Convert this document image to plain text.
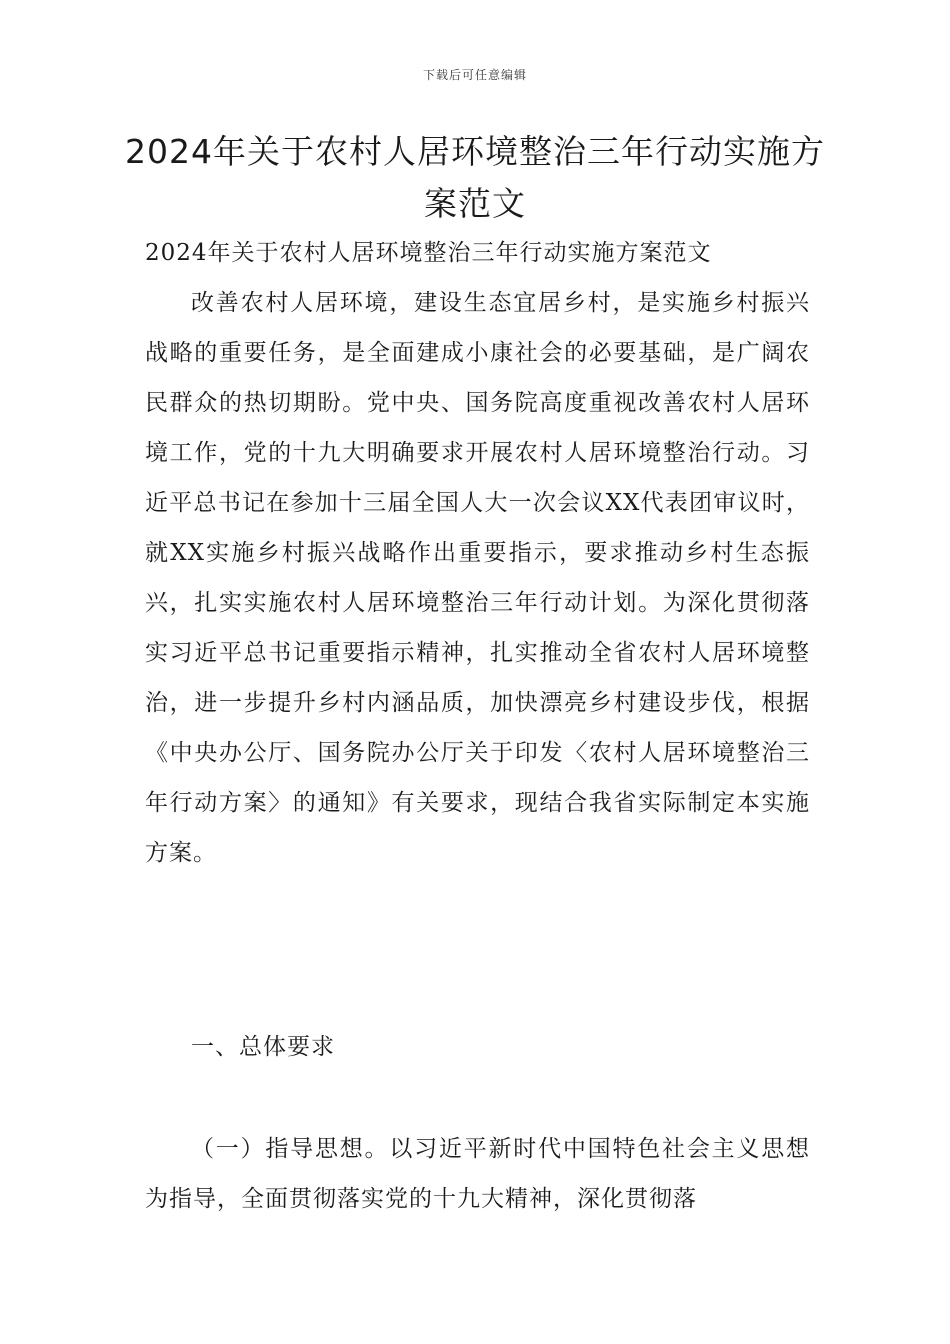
下载后可任意编辑
2024年关于农村人居环境整治三年行动实施方案范文

2024年关于农村人居环境整治三年行动实施方案范文

改善农村人居环境，建设生态宜居乡村，是实施乡村振兴战略的重要任务，是全面建成小康社会的必要基础，是广阔农民群众的热切期盼。党中央、国务院高度重视改善农村人居环境工作，党的十九大明确要求开展农村人居环境整治行动。习近平总书记在参加十三届全国人大一次会议XX代表团审议时，就XX实施乡村振兴战略作出重要指示，要求推动乡村生态振兴，扎实实施农村人居环境整治三年行动计划。为深化贯彻落实习近平总书记重要指示精神，扎实推动全省农村人居环境整治，进一步提升乡村内涵品质，加快漂亮乡村建设步伐，根据《中央办公厅、国务院办公厅关于印发〈农村人居环境整治三年行动方案〉的通知》有关要求，现结合我省实际制定本实施方案。

一、总体要求

（一）指导思想。以习近平新时代中国特色社会主义思想为指导，全面贯彻落实党的十九大精神，深化贯彻落
